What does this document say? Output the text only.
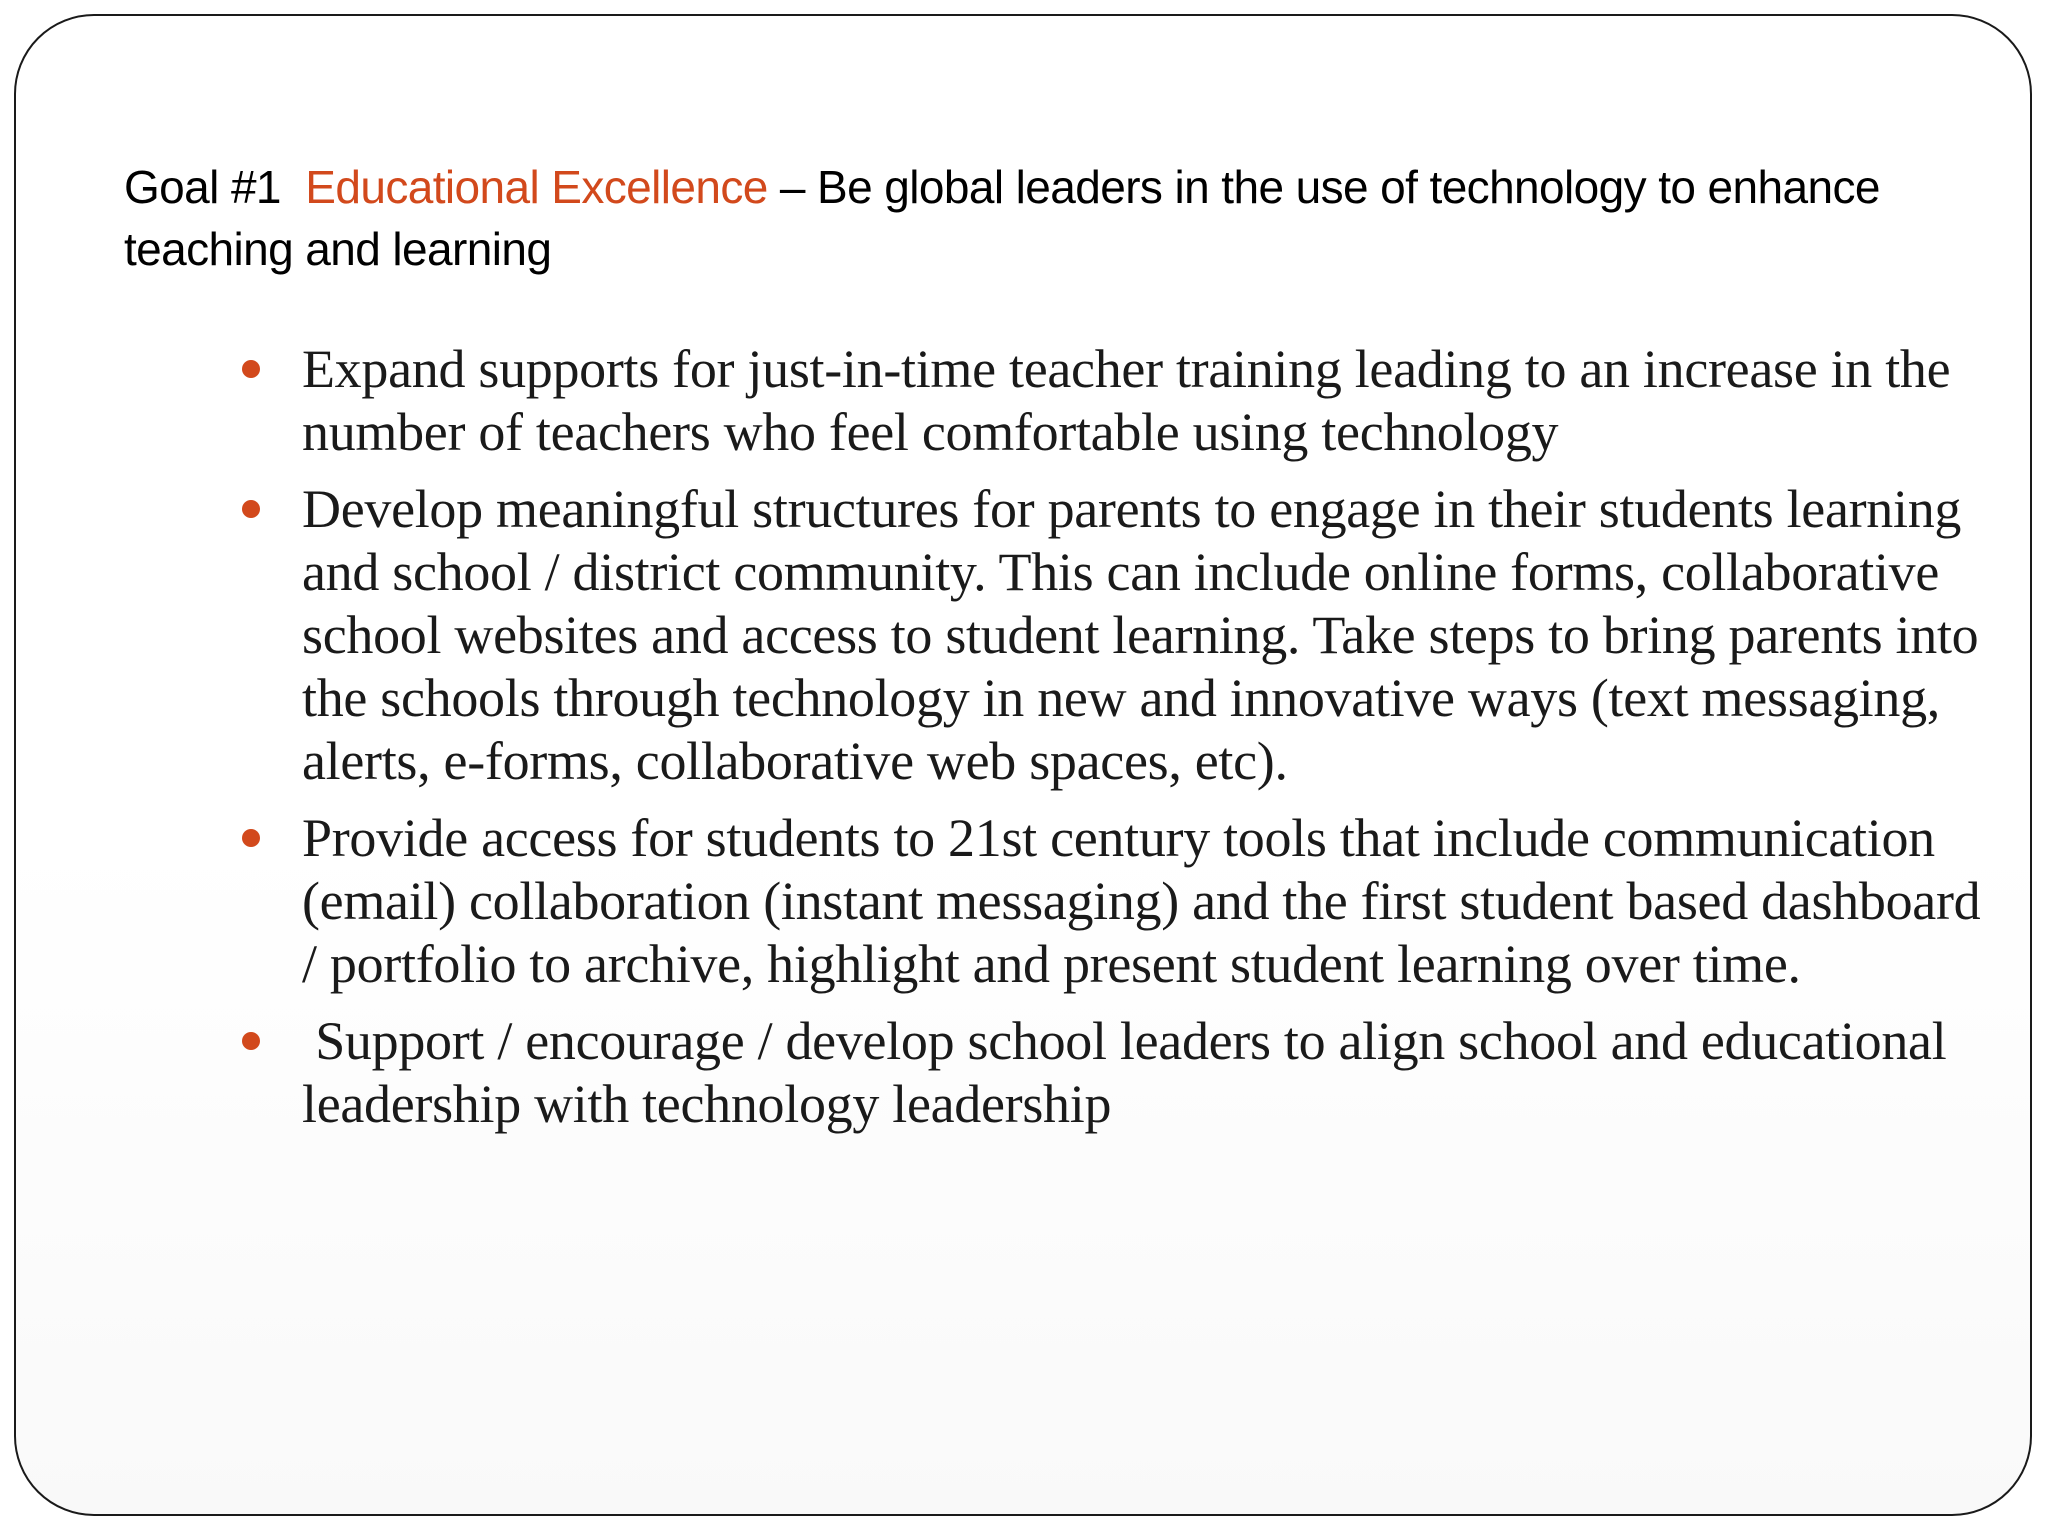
Goal #1  Educational Excellence – Be global leaders in the use of technology to enhance teaching and learning
Expand supports for just-in-time teacher training leading to an increase in the number of teachers who feel comfortable using technology
Develop meaningful structures for parents to engage in their students learning and school / district community. This can include online forms, collaborative school websites and access to student learning. Take steps to bring parents into the schools through technology in new and innovative ways (text messaging, alerts, e-forms, collaborative web spaces, etc).
Provide access for students to 21st century tools that include communication (email) collaboration (instant messaging) and the first student based dashboard / portfolio to archive, highlight and present student learning over time.
Support / encourage / develop school leaders to align school and educational leadership with technology leadership
